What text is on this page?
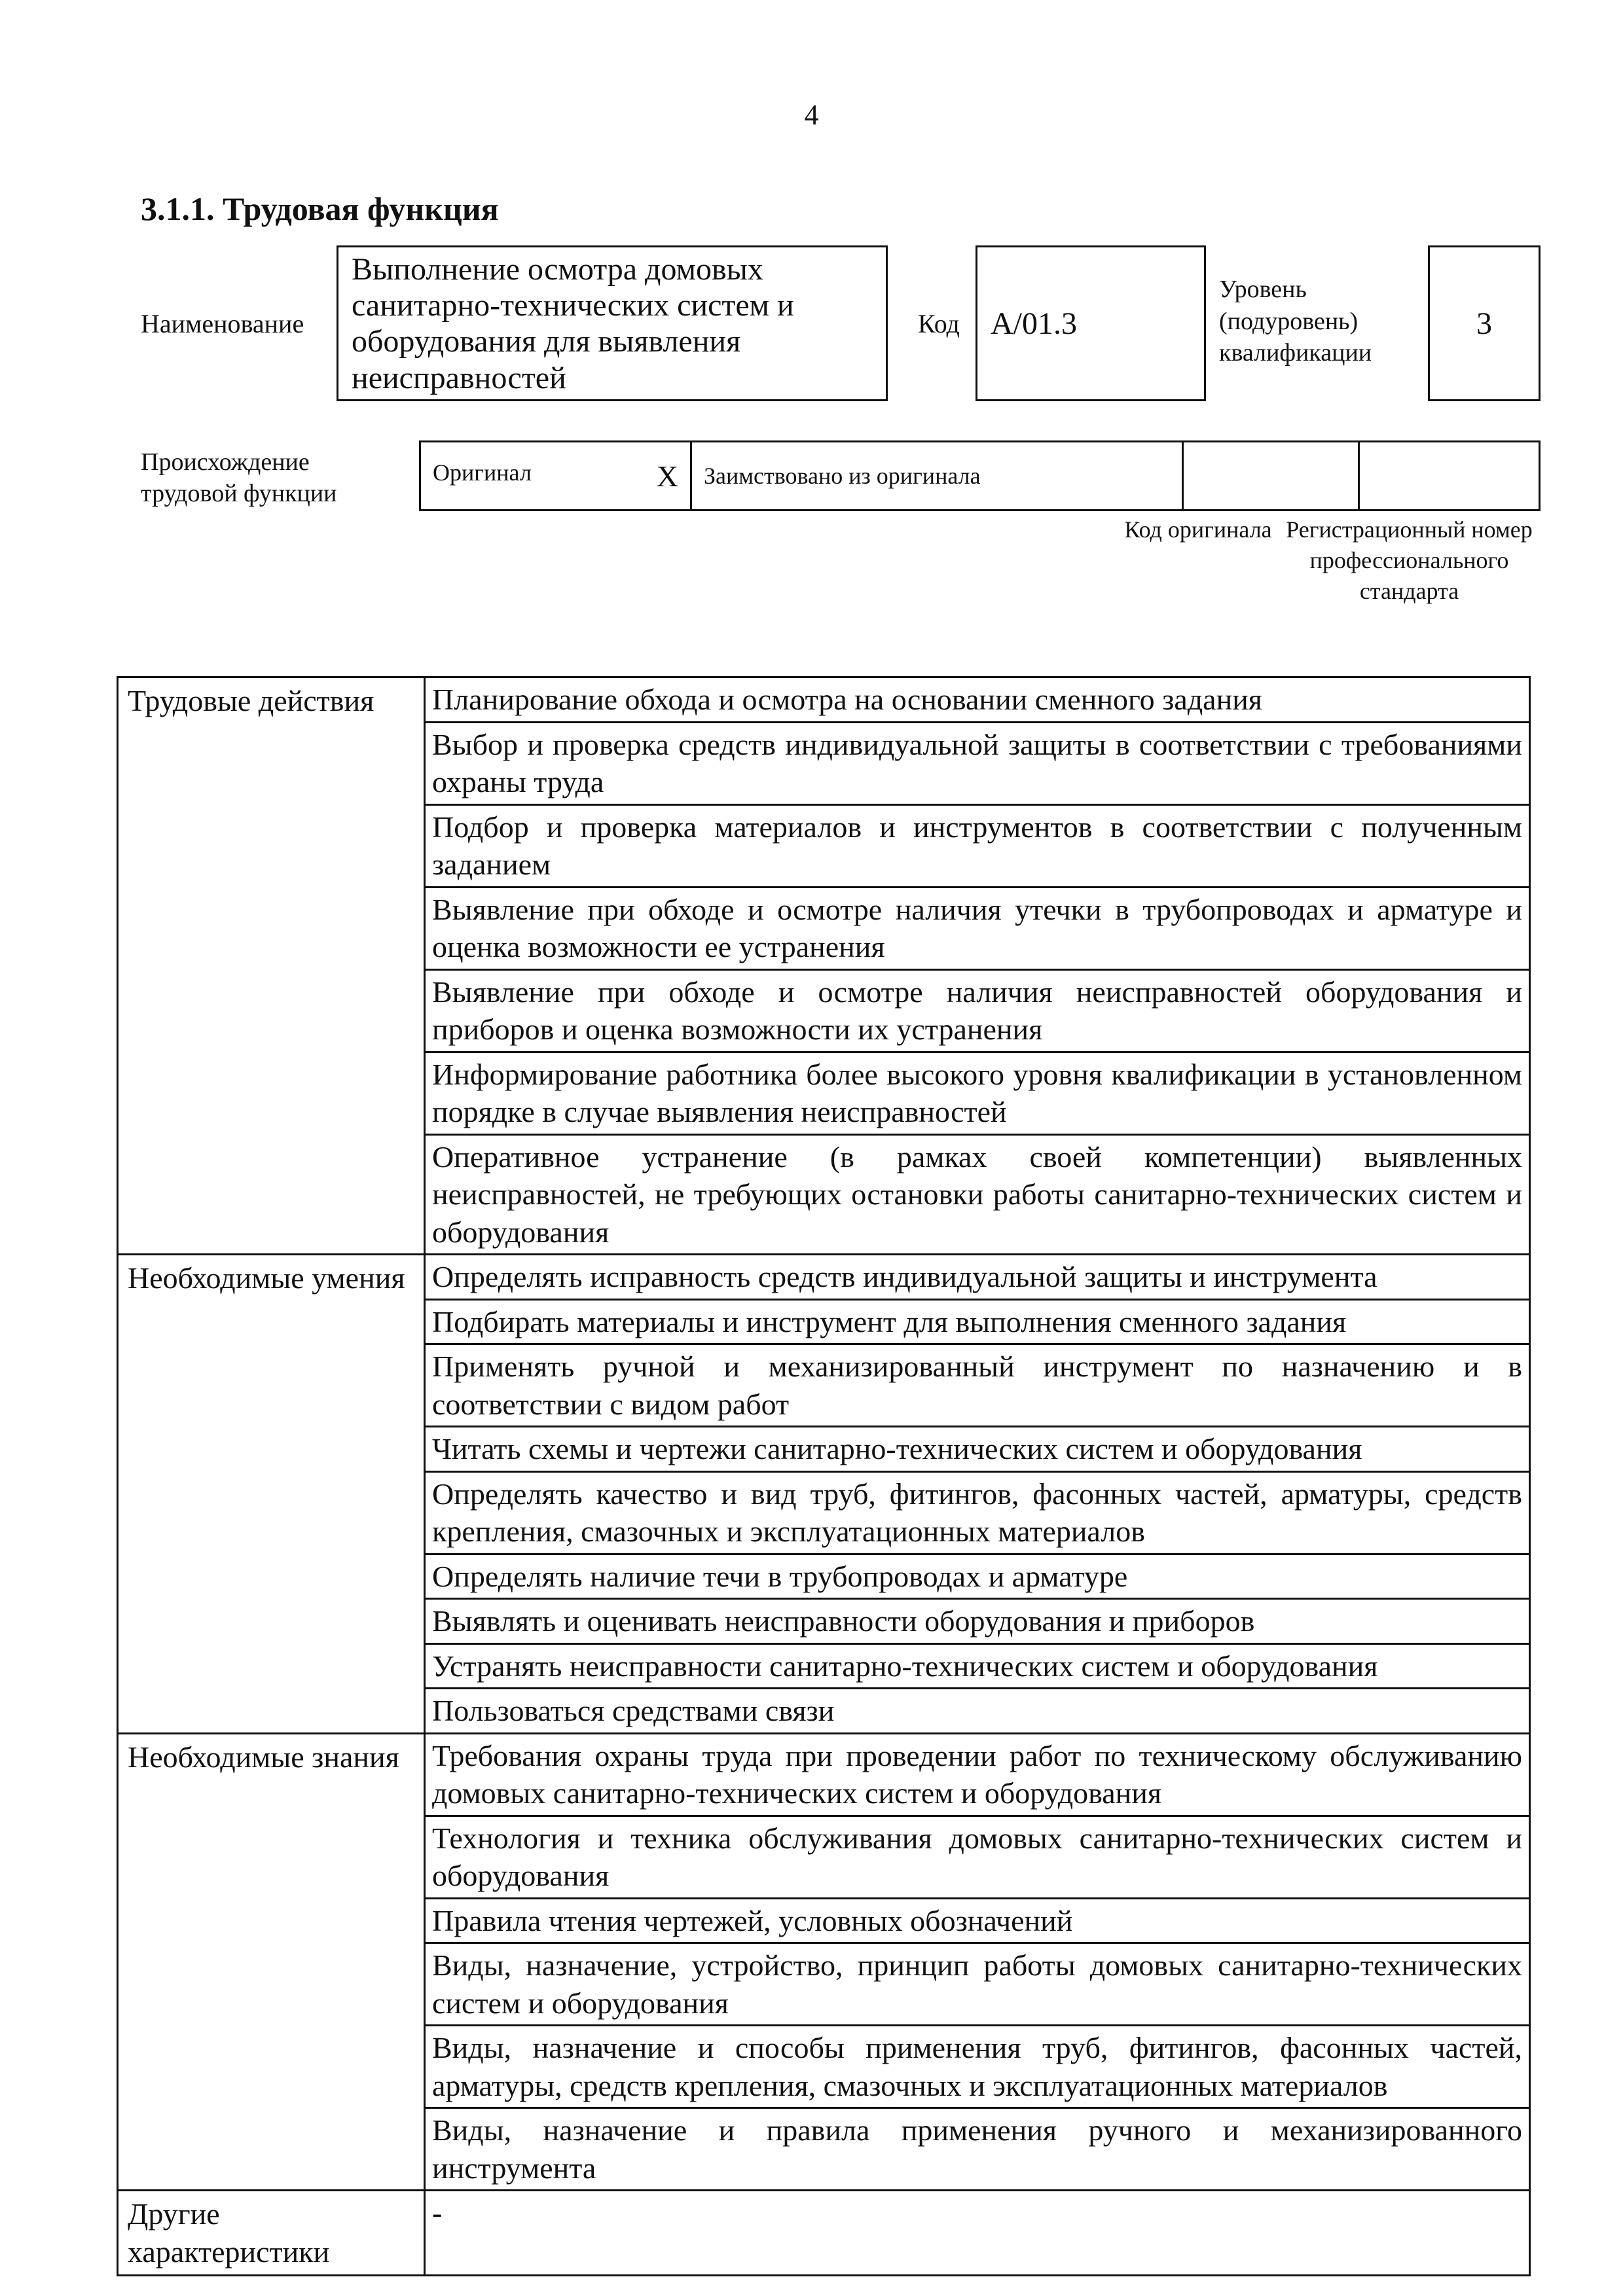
4
3.1.1. Трудовая функция
Наименование
Выполнение осмотра домовых санитарно-технических систем и оборудования для выявления неисправностей
Код A/01.3
Уровень (подуровень) квалификации
3
Происхождение трудовой функции
Оригинал	X	Заимствовано из оригинала		
Код оригинала Регистрационный номер профессионального стандарта
Трудовые действия	Планирование обхода и осмотра на основании сменного задания
	Выбор и проверка средств индивидуальной защиты в соответствии с требованиями охраны труда
	Подбор и проверка материалов и инструментов в соответствии с полученным заданием
	Выявление при обходе и осмотре наличия утечки в трубопроводах и арматуре и оценка возможности ее устранения
	Выявление при обходе и осмотре наличия неисправностей оборудования и приборов и оценка возможности их устранения
	Информирование работника более высокого уровня квалификации в установленном порядке в случае выявления неисправностей
	Оперативное устранение (в рамках своей компетенции) выявленных неисправностей, не требующих остановки работы санитарно-технических систем и оборудования
Необходимые умения	Определять исправность средств индивидуальной защиты и инструмента
	Подбирать материалы и инструмент для выполнения сменного задания
	Применять ручной и механизированный инструмент по назначению и в соответствии с видом работ
	Читать схемы и чертежи санитарно-технических систем и оборудования
	Определять качество и вид труб, фитингов, фасонных частей, арматуры, средств крепления, смазочных и эксплуатационных материалов
	Определять наличие течи в трубопроводах и арматуре
	Выявлять и оценивать неисправности оборудования и приборов
	Устранять неисправности санитарно-технических систем и оборудования
	Пользоваться средствами связи
Необходимые знания	Требования охраны труда при проведении работ по техническому обслуживанию домовых санитарно-технических систем и оборудования
	Технология и техника обслуживания домовых санитарно-технических систем и оборудования
	Правила чтения чертежей, условных обозначений
	Виды, назначение, устройство, принцип работы домовых санитарно-технических систем и оборудования
	Виды, назначение и способы применения труб, фитингов, фасонных частей, арматуры, средств крепления, смазочных и эксплуатационных материалов
	Виды, назначение и правила применения ручного и механизированного инструмента
Другие характеристики	-
